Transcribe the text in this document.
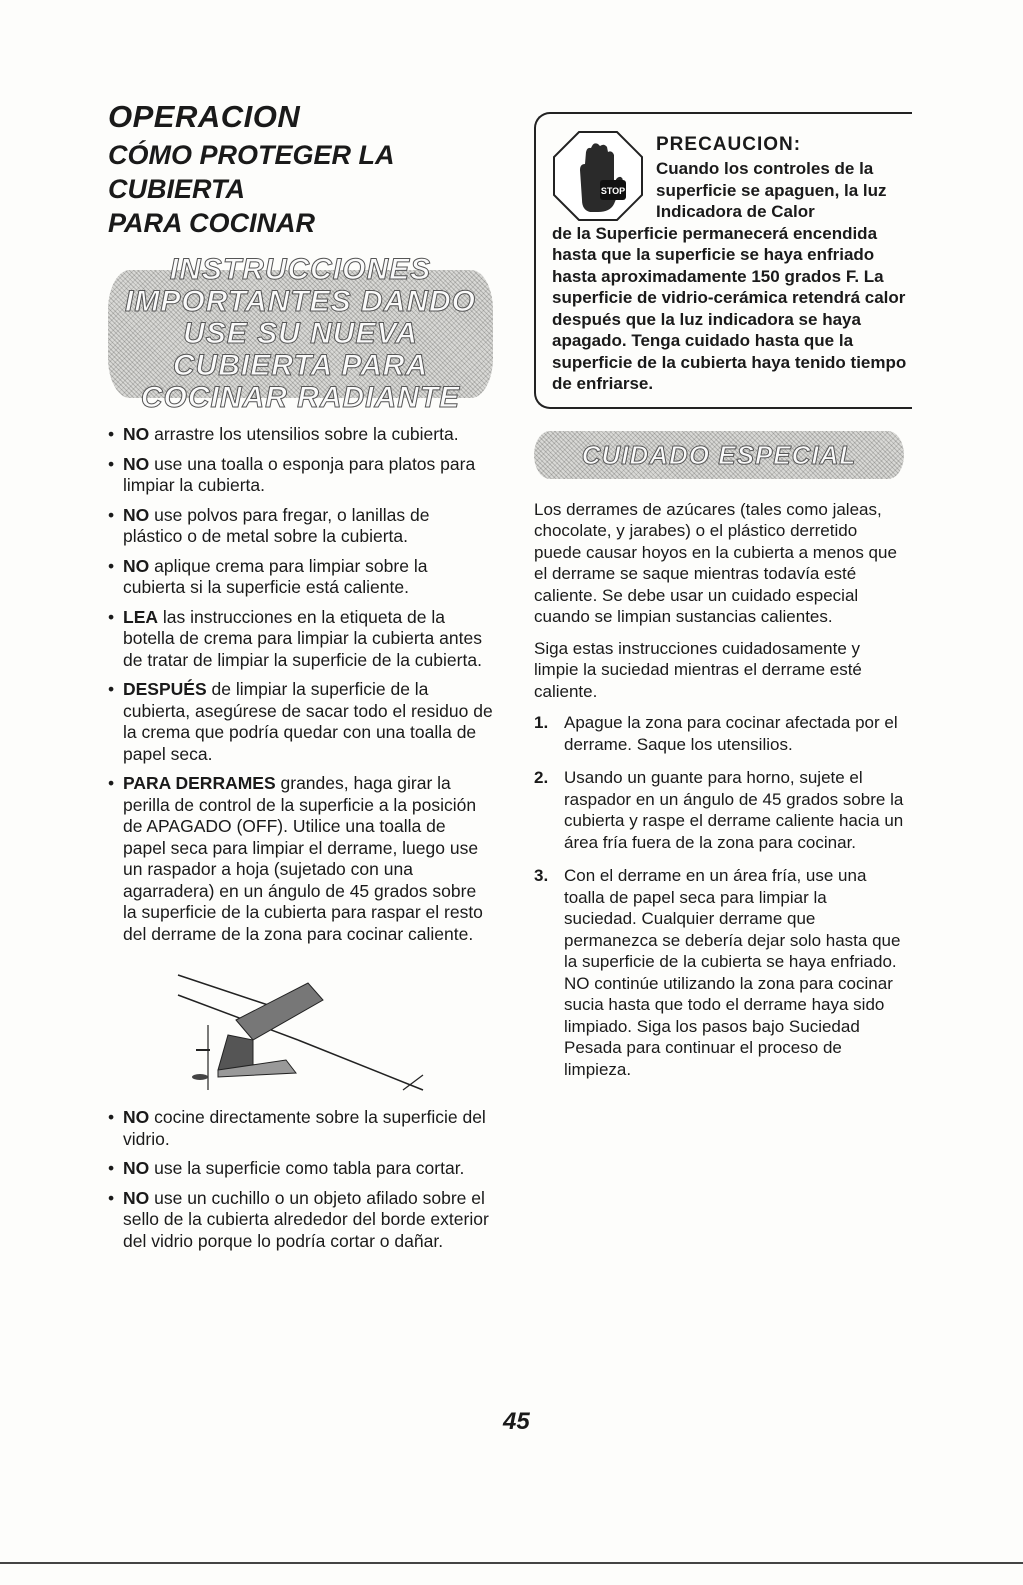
OPERACION
CÓMO PROTEGER LA CUBIERTA
PARA COCINAR
INSTRUCCIONES IMPORTANTES DANDO USE SU NUEVA CUBIERTA PARA COCINAR RADIANTE
• NO arrastre los utensilios sobre la cubierta.
• NO use una toalla o esponja para platos para limpiar la cubierta.
• NO use polvos para fregar, o lanillas de plástico o de metal sobre la cubierta.
• NO aplique crema para limpiar sobre la cubierta si la superficie está caliente.
• LEA las instrucciones en la etiqueta de la botella de crema para limpiar la cubierta antes de tratar de limpiar la superficie de la cubierta.
• DESPUÉS de limpiar la superficie de la cubierta, asegúrese de sacar todo el residuo de la crema que podría quedar con una toalla de papel seca.
• PARA DERRAMES grandes, haga girar la perilla de control de la superficie a la posición de APAGADO (OFF). Utilice una toalla de papel seca para limpiar el derrame, luego use un raspador a hoja (sujetado con una agarradera) en un ángulo de 45 grados sobre la superficie de la cubierta para raspar el resto del derrame de la zona para cocinar caliente.
• NO cocine directamente sobre la superficie del vidrio.
• NO use la superficie como tabla para cortar.
• NO use un cuchillo o un objeto afilado sobre el sello de la cubierta alrededor del borde exterior del vidrio porque lo podría cortar o dañar.
STOP
PRECAUCION:
Cuando los controles de la superficie se apaguen, la luz Indicadora de Calor
de la Superficie permanecerá encendida hasta que la superficie se haya enfriado hasta aproximadamente 150 grados F. La superficie de vidrio-cerámica retendrá calor después que la luz indicadora se haya apagado. Tenga cuidado hasta que la superficie de la cubierta haya tenido tiempo de enfriarse.
CUIDADO ESPECIAL

Los derrames de azúcares (tales como jaleas, chocolate, y jarabes) o el plástico derretido puede causar hoyos en la cubierta a menos que el derrame se saque mientras todavía esté caliente. Se debe usar un cuidado especial cuando se limpian sustancias calientes.

Siga estas instrucciones cuidadosamente y limpie la suciedad mientras el derrame esté caliente.

1. Apague la zona para cocinar afectada por el derrame. Saque los utensilios.
2. Usando un guante para horno, sujete el raspador en un ángulo de 45 grados sobre la cubierta y raspe el derrame caliente hacia un área fría fuera de la zona para cocinar.
3. Con el derrame en un área fría, use una toalla de papel seca para limpiar la suciedad. Cualquier derrame que permanezca se debería dejar solo hasta que la superficie de la cubierta se haya enfriado. NO continúe utilizando la zona para cocinar sucia hasta que todo el derrame haya sido limpiado. Siga los pasos bajo Suciedad Pesada para continuar el proceso de limpieza.
45
